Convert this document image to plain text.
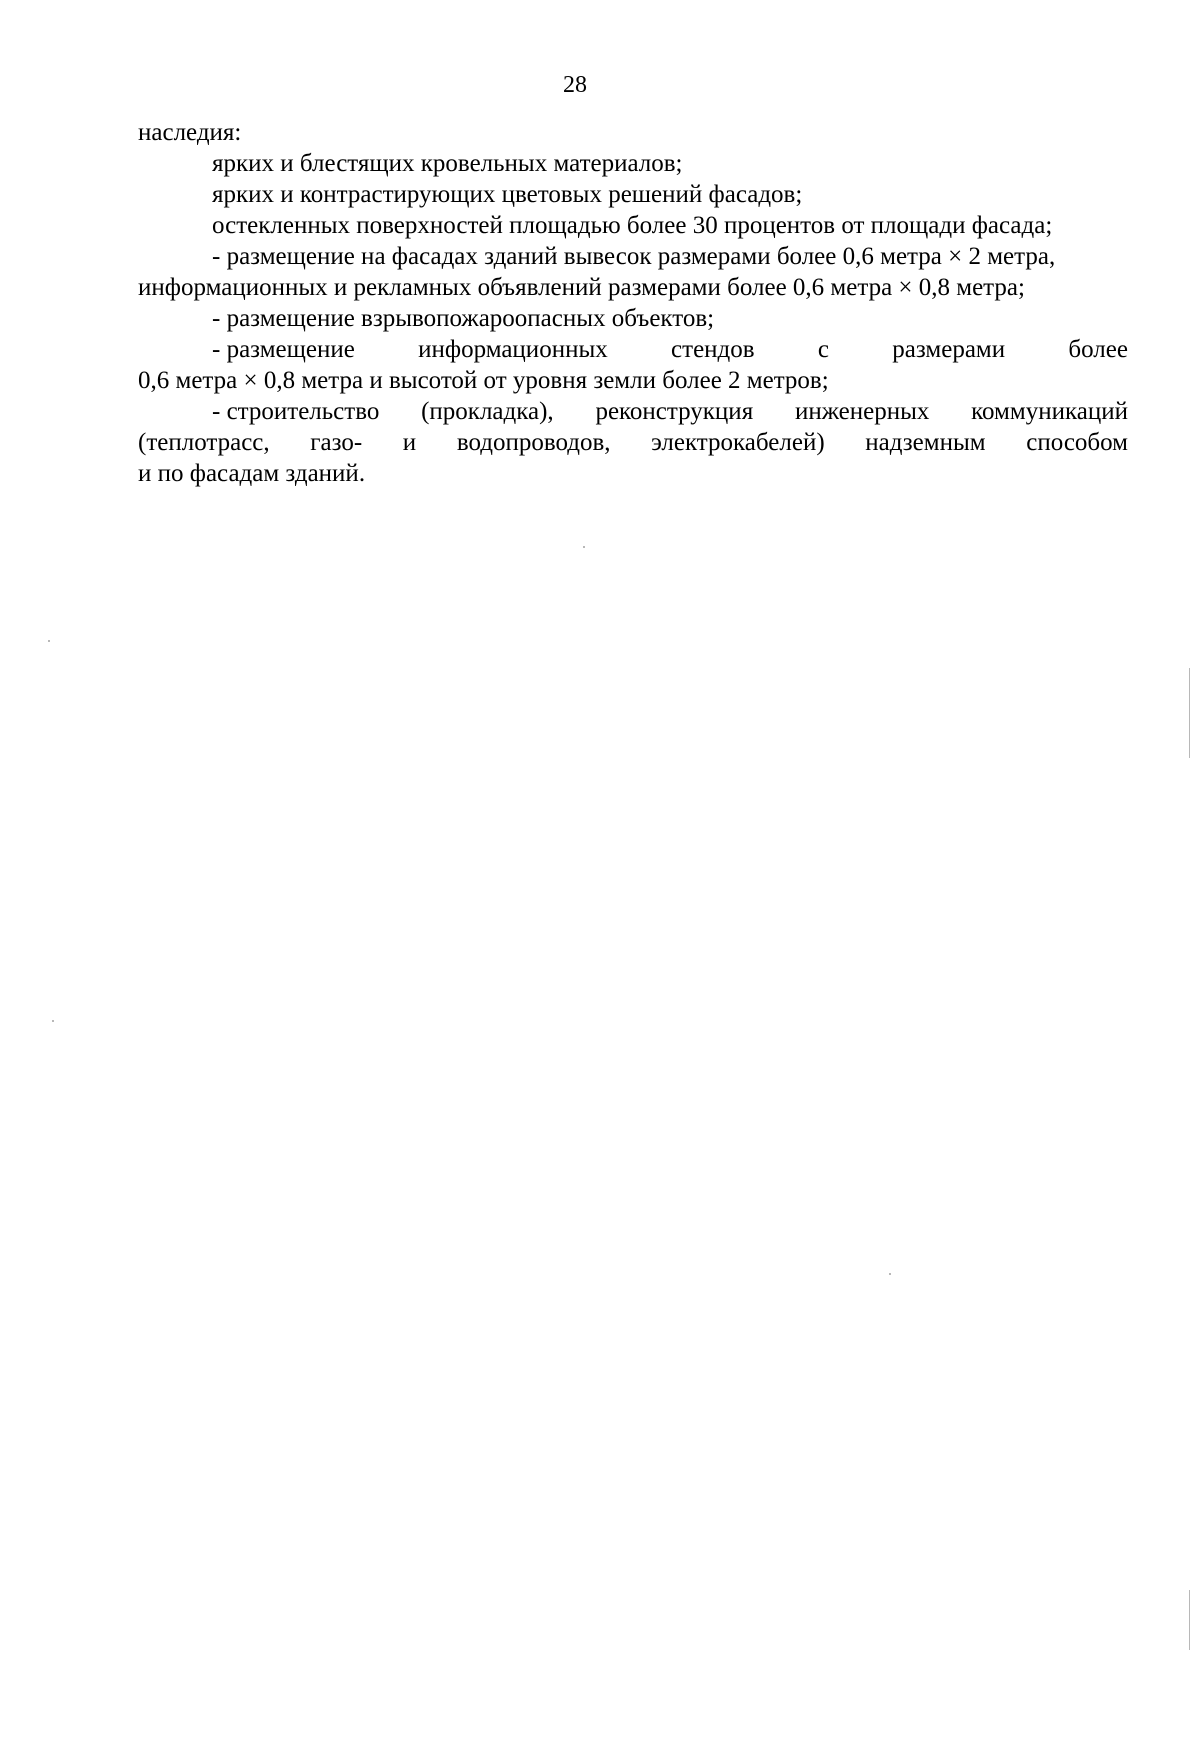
28
наследия:
ярких и блестящих кровельных материалов;
ярких и контрастирующих цветовых решений фасадов;
остекленных поверхностей площадью более 30 процентов от площади фасада;
- размещение на фасадах зданий вывесок размерами более 0,6 метра × 2 метра,
информационных и рекламных объявлений размерами более 0,6 метра × 0,8 метра;
- размещение взрывопожароопасных объектов;
- размещение	информационных	стендов	с	размерами	более
0,6 метра × 0,8 метра и высотой от уровня земли более 2 метров;
- строительство (прокладка), реконструкция инженерных коммуникаций
(теплотрасс, газо- и водопроводов, электрокабелей) надземным способом
и по фасадам зданий.
